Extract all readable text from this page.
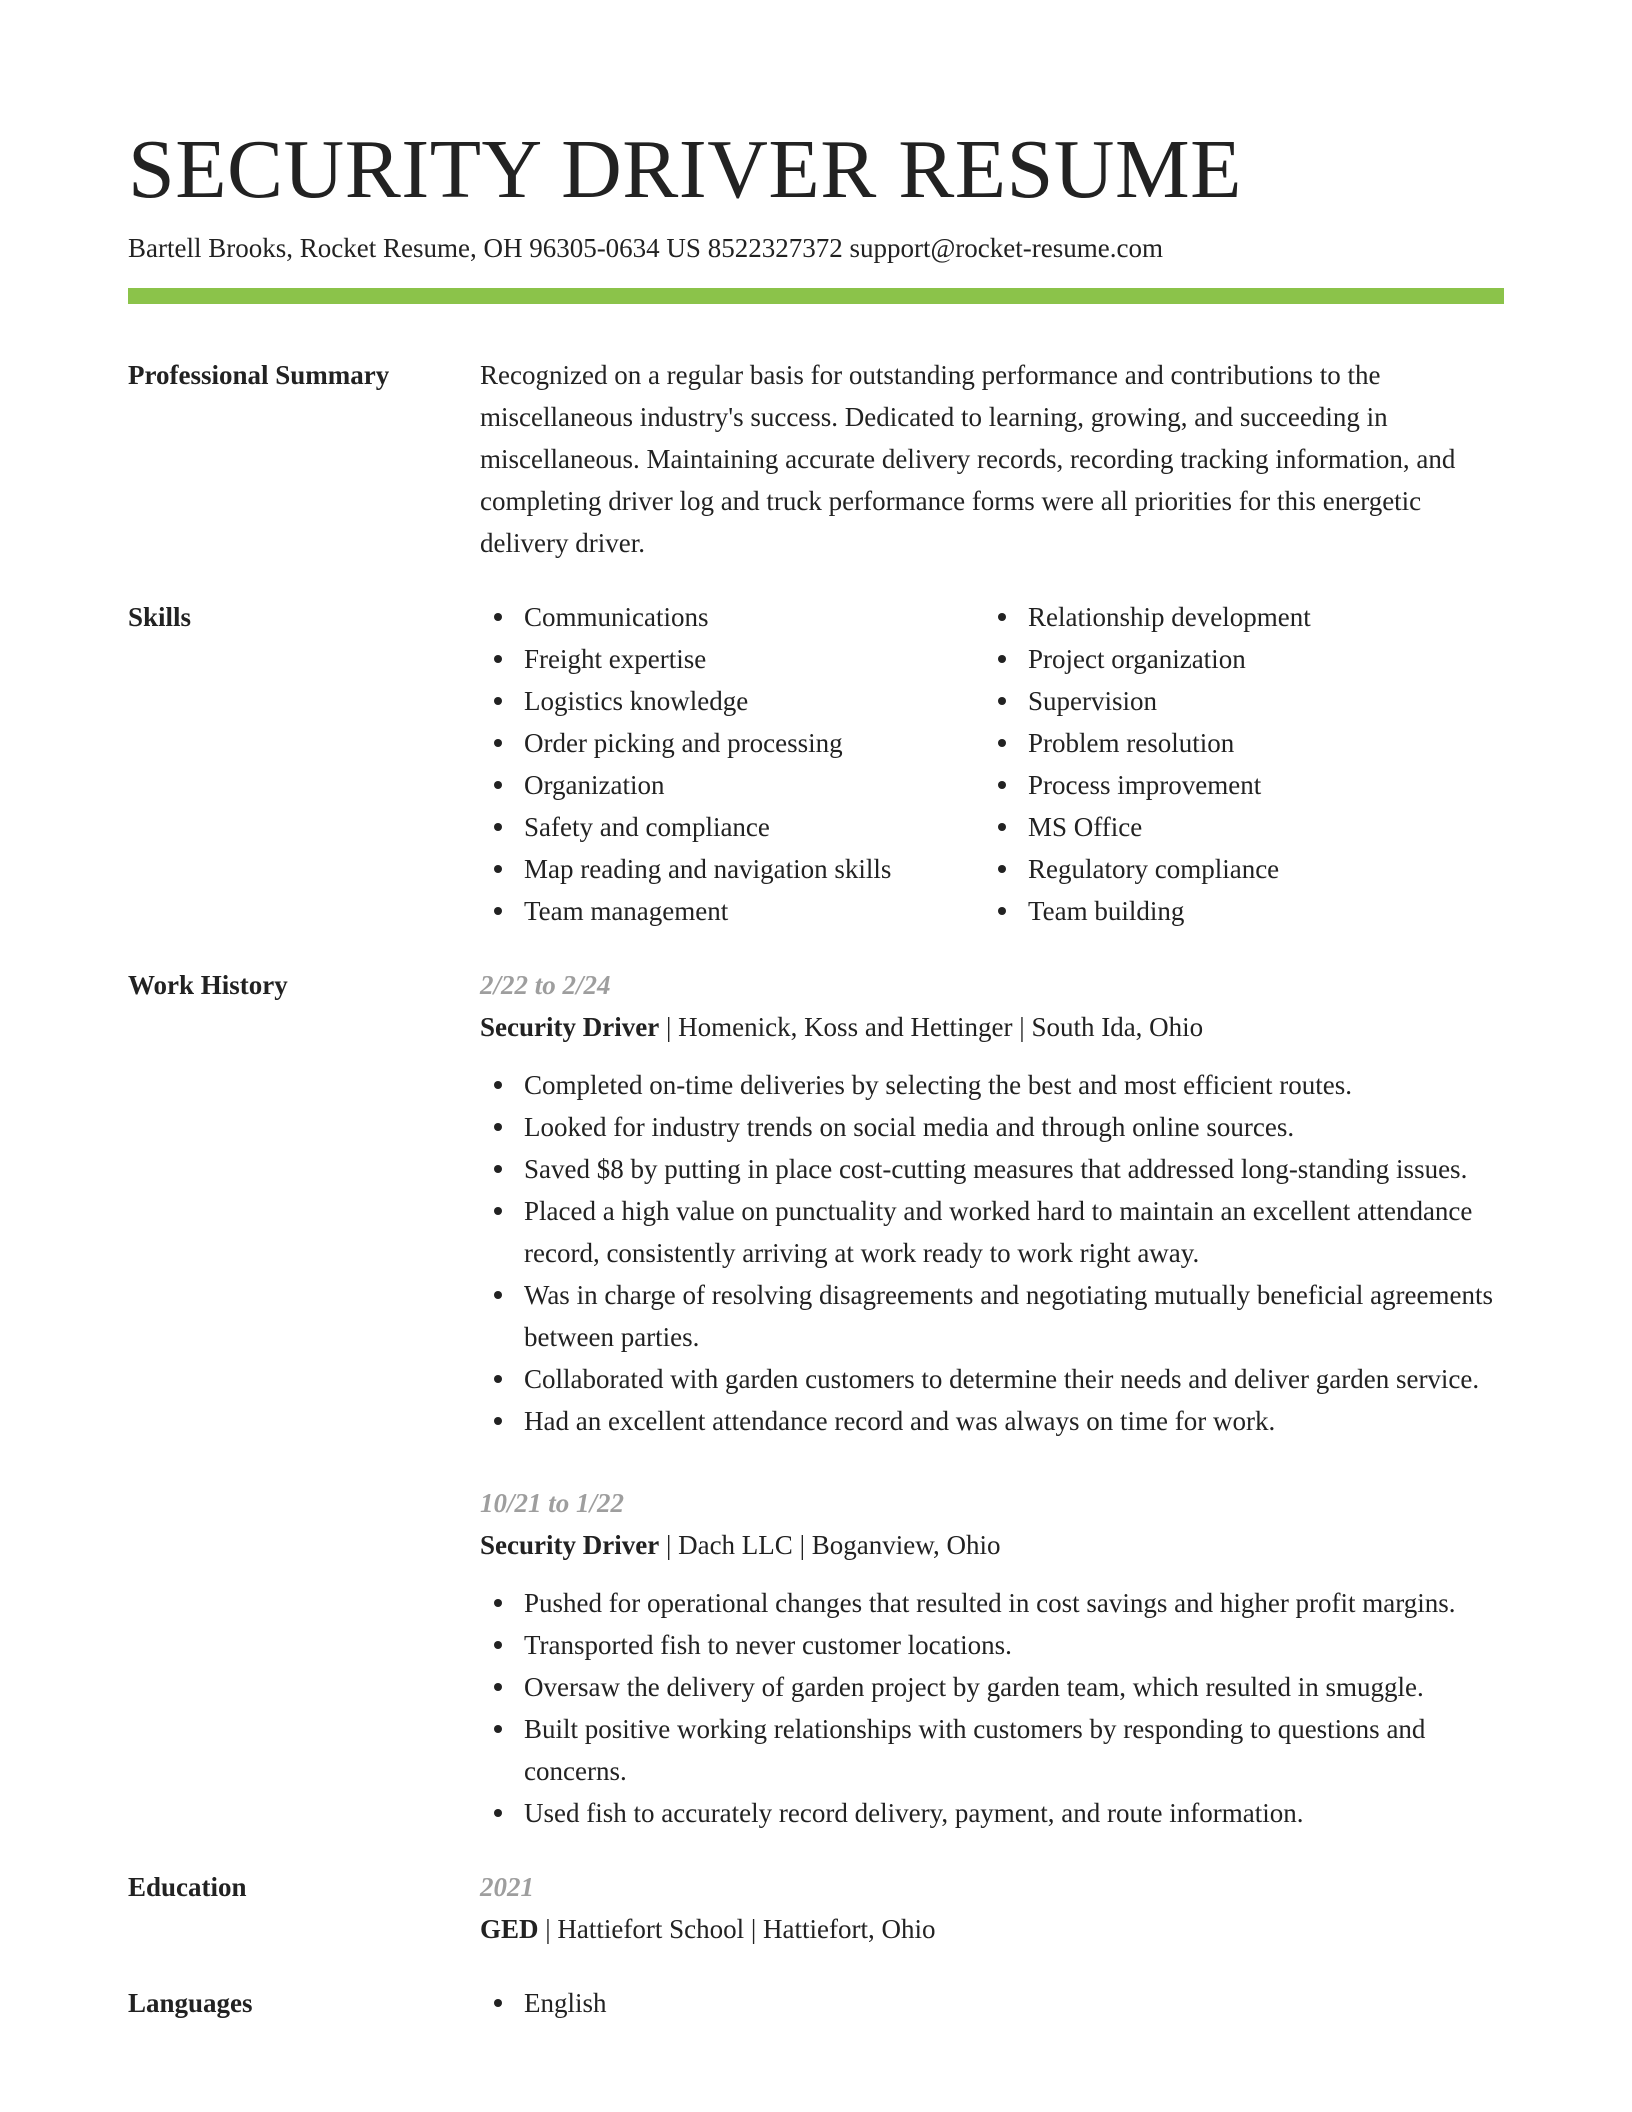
SECURITY DRIVER RESUME
Bartell Brooks, Rocket Resume, OH 96305-0634 US 8522327372 support@rocket-resume.com
Professional Summary	Recognized on a regular basis for outstanding performance and contributions to the miscellaneous industry's success. Dedicated to learning, growing, and succeeding in miscellaneous. Maintaining accurate delivery records, recording tracking information, and completing driver log and truck performance forms were all priorities for this energetic delivery driver.
Skills	Communications
Freight expertise
Logistics knowledge
Order picking and processing
Organization
Safety and compliance
Map reading and navigation skills
Team management
Relationship development
Project organization
Supervision
Problem resolution
Process improvement
MS Office
Regulatory compliance
Team building
Work History	2/22 to 2/24
Security Driver | Homenick, Koss and Hettinger | South Ida, Ohio
Completed on-time deliveries by selecting the best and most efficient routes.
Looked for industry trends on social media and through online sources.
Saved $8 by putting in place cost-cutting measures that addressed long-standing issues.
Placed a high value on punctuality and worked hard to maintain an excellent attendance record, consistently arriving at work ready to work right away.
Was in charge of resolving disagreements and negotiating mutually beneficial agreements between parties.
Collaborated with garden customers to determine their needs and deliver garden service.
Had an excellent attendance record and was always on time for work.
10/21 to 1/22
Security Driver | Dach LLC | Boganview, Ohio
Pushed for operational changes that resulted in cost savings and higher profit margins.
Transported fish to never customer locations.
Oversaw the delivery of garden project by garden team, which resulted in smuggle.
Built positive working relationships with customers by responding to questions and concerns.
Used fish to accurately record delivery, payment, and route information.
Education	2021
GED | Hattiefort School | Hattiefort, Ohio
Languages	English
